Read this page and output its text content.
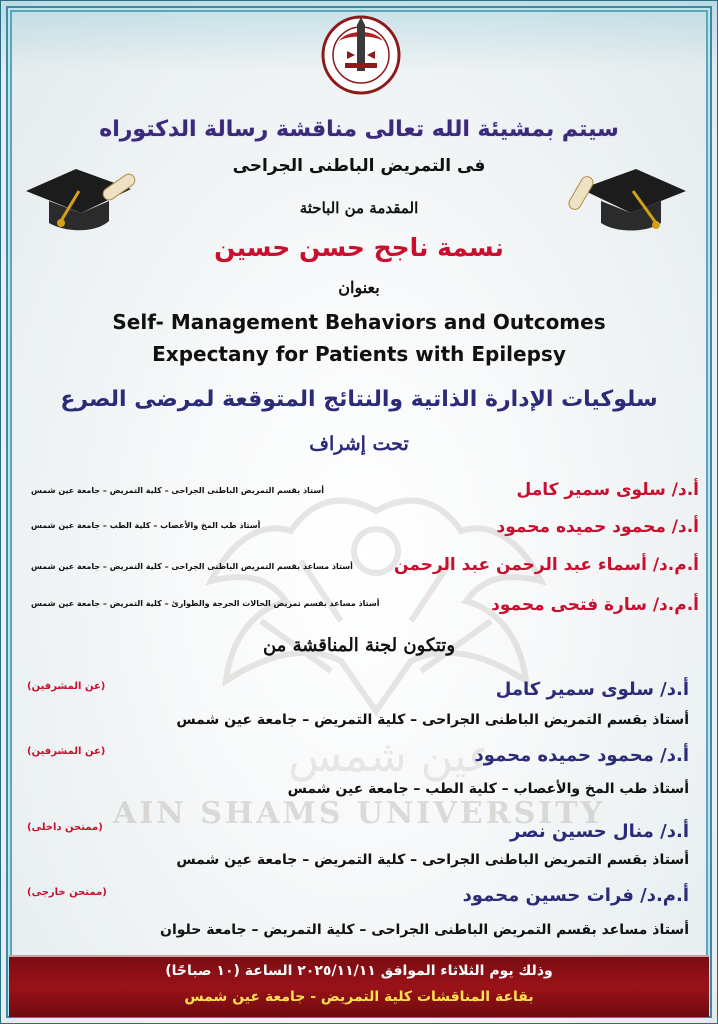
عين شمس
AIN SHAMS UNIVERSITY
سيتم بمشيئة الله تعالى مناقشة رسالة الدكتوراه
فى التمريض الباطنى الجراحى
المقدمة من الباحثة
نسمة ناجح حسن حسين
بعنوان
Self- Management Behaviors and Outcomes
Expectany for Patients with Epilepsy
سلوكيات الإدارة الذاتية والنتائج المتوقعة لمرضى الصرع
تحت إشراف
أ.د/ سلوى سمير كامل
أستاذ بقسم التمريض الباطنى الجراحى – كلية التمريض – جامعة عين شمس
أ.د/ محمود حميده محمود
أستاذ طب المخ والأعصاب – كلية الطب – جامعة عين شمس
أ.م.د/ أسماء عبد الرحمن عبد الرحمن
أستاذ مساعد بقسم التمريض الباطنى الجراحى – كلية التمريض – جامعة عين شمس
أ.م.د/ سارة فتحى محمود
أستاذ مساعد بقسم تمريض الحالات الحرجة والطوارئ – كلية التمريض – جامعة عين شمس
وتتكون لجنة المناقشة من
أ.د/ سلوى سمير كامل
(عن المشرفين)
أستاذ بقسم التمريض الباطنى الجراحى – كلية التمريض – جامعة عين شمس
أ.د/ محمود حميده محمود
(عن المشرفين)
أستاذ طب المخ والأعصاب – كلية الطب – جامعة عين شمس
أ.د/ منال حسين نصر
(ممتحن داخلى)
أستاذ بقسم التمريض الباطنى الجراحى – كلية التمريض – جامعة عين شمس
أ.م.د/ فرات حسين محمود
(ممتحن خارجى)
أستاذ مساعد بقسم التمريض الباطنى الجراحى – كلية التمريض – جامعة حلوان
وذلك يوم الثلاثاء الموافق ٢٠٢٥/١١/١١ الساعة (١٠ صباحًا)
بقاعة المناقشات كلية التمريض - جامعة عين شمس
